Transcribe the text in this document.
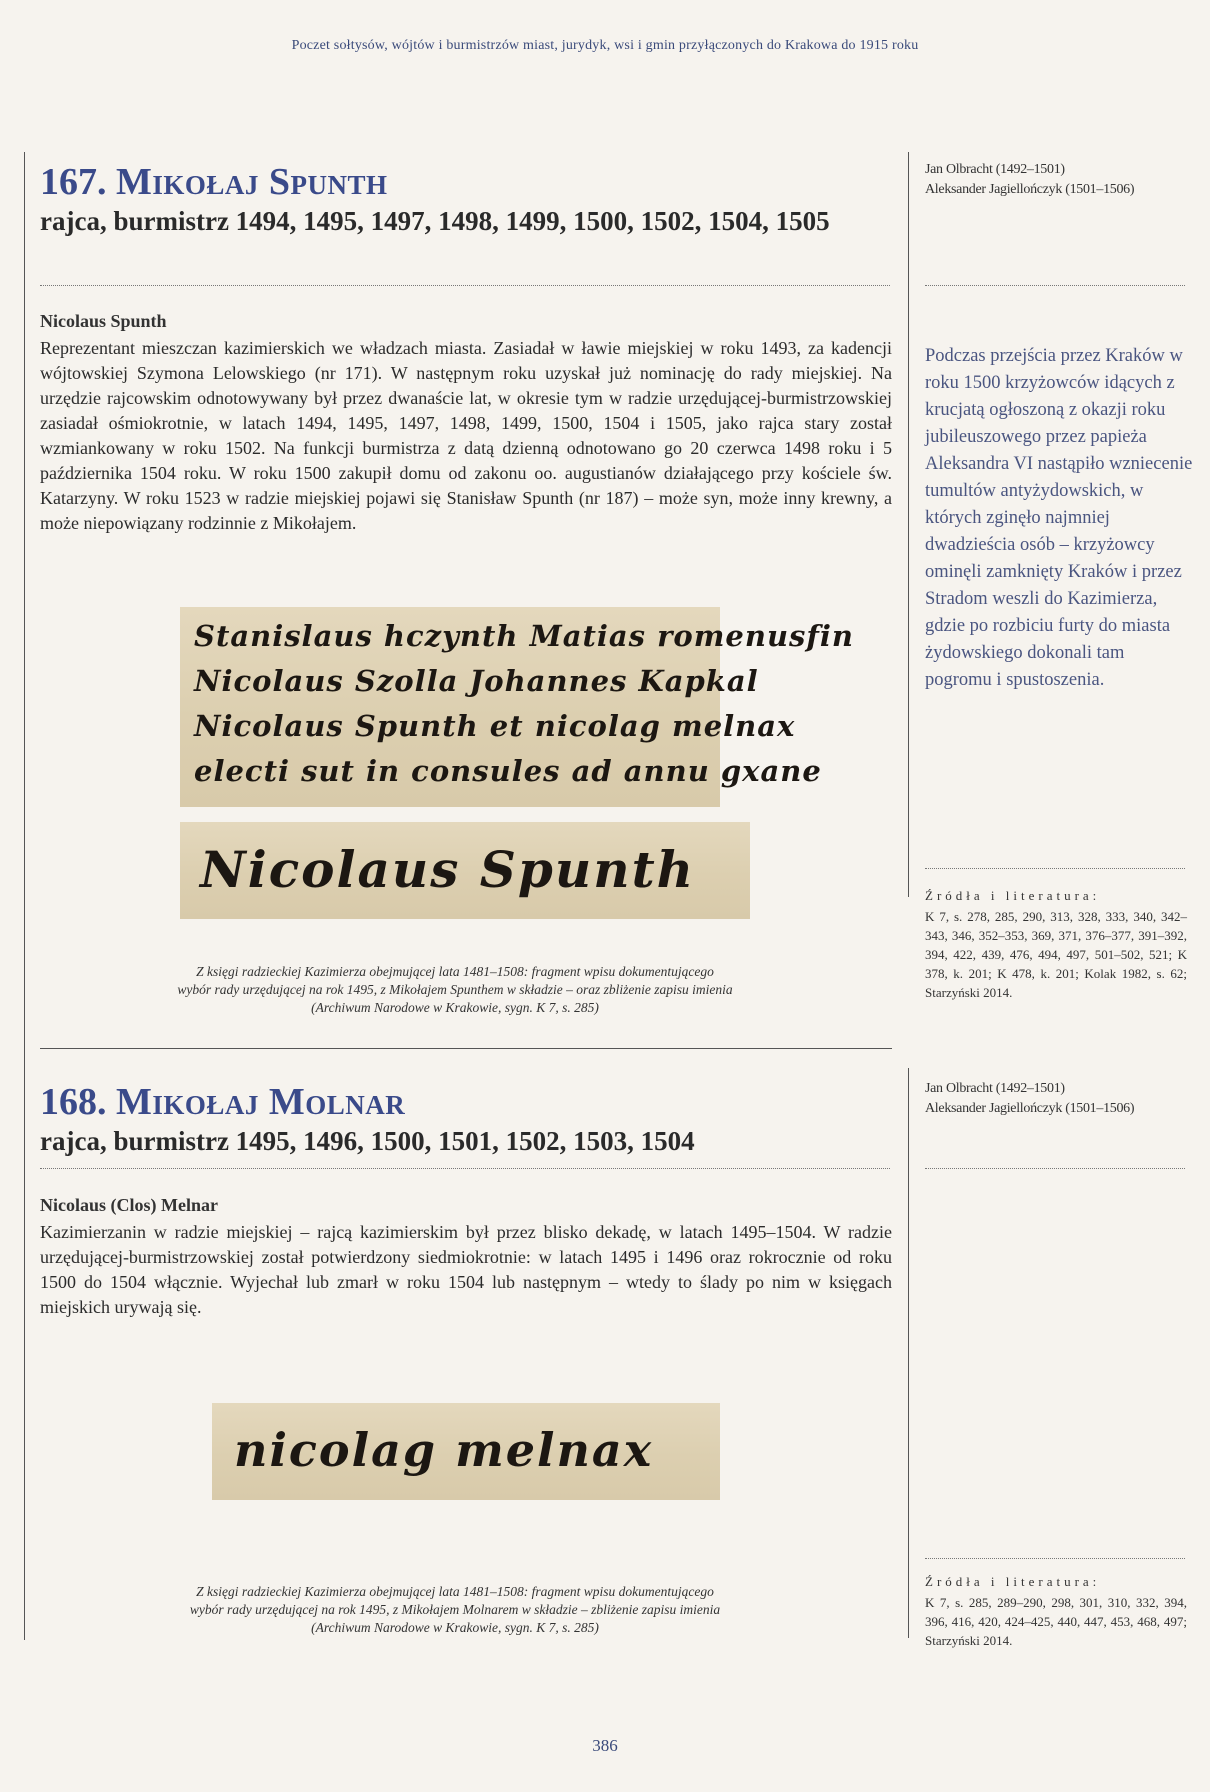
Poczet sołtysów, wójtów i burmistrzów miast, jurydyk, wsi i gmin przyłączonych do Krakowa do 1915 roku
167. Mikołaj Spunth
rajca, burmistrz 1494, 1495, 1497, 1498, 1499, 1500, 1502, 1504, 1505
Nicolaus Spunth

Reprezentant mieszczan kazimierskich we władzach miasta. Zasiadał w ławie miejskiej w roku 1493, za kadencji wójtowskiej Szymona Lelowskiego (nr 171). W następnym roku uzyskał już nominację do rady miejskiej. Na urzędzie rajcowskim odnotowywany był przez dwanaście lat, w okresie tym w radzie urzędującej-burmistrzowskiej zasiadał ośmiokrotnie, w latach 1494, 1495, 1497, 1498, 1499, 1500, 1504 i 1505, jako rajca stary został wzmiankowany w roku 1502. Na funkcji burmistrza z datą dzienną odnotowano go 20 czerwca 1498 roku i 5 października 1504 roku. W roku 1500 zakupił domu od zakonu oo. augustianów działającego przy kościele św. Katarzyny. W roku 1523 w radzie miejskiej pojawi się Stanisław Spunth (nr 187) – może syn, może inny krewny, a może niepowiązany rodzinnie z Mikołajem.

Stanislaus hczynth Matias romenusfin
Nicolaus Szolla Johannes Kapkal
Nicolaus Spunth et nicolag melnax
electi sut in consules ad annu gxane
Nicolaus Spunth
Z księgi radzieckiej Kazimierza obejmującej lata 1481–1508: fragment wpisu dokumentującego
wybór rady urzędującej na rok 1495, z Mikołajem Spunthem w składzie – oraz zbliżenie zapisu imienia
(Archiwum Narodowe w Krakowie, sygn. K 7, s. 285)
Jan Olbracht (1492–1501)
Aleksander Jagiellończyk (1501–1506)
Podczas przejścia przez Kraków w roku 1500 krzyżowców idących z krucjatą ogłoszoną z okazji roku jubileuszowego przez papieża Aleksandra VI nastąpiło wzniecenie tumultów antyżydowskich, w których zginęło najmniej dwadzieścia osób – krzyżowcy ominęli zamknięty Kraków i przez Stradom weszli do Kazimierza, gdzie po rozbiciu furty do miasta żydowskiego dokonali tam pogromu i spustoszenia.
Źródła i literatura:
K 7, s. 278, 285, 290, 313, 328, 333, 340, 342–343, 346, 352–353, 369, 371, 376–377, 391–392, 394, 422, 439, 476, 494, 497, 501–502, 521; K 378, k. 201; K 478, k. 201; Kolak 1982, s. 62; Starzyński 2014.
168. Mikołaj Molnar
rajca, burmistrz 1495, 1496, 1500, 1501, 1502, 1503, 1504
Nicolaus (Clos) Melnar

Kazimierzanin w radzie miejskiej – rajcą kazimierskim był przez blisko dekadę, w latach 1495–1504. W radzie urzędującej-burmistrzowskiej został potwierdzony siedmiokrotnie: w latach 1495 i 1496 oraz rokrocznie od roku 1500 do 1504 włącznie. Wyjechał lub zmarł w roku 1504 lub następnym – wtedy to ślady po nim w księgach miejskich urywają się.

nicolag melnax
Z księgi radzieckiej Kazimierza obejmującej lata 1481–1508: fragment wpisu dokumentującego
wybór rady urzędującej na rok 1495, z Mikołajem Molnarem w składzie – zbliżenie zapisu imienia
(Archiwum Narodowe w Krakowie, sygn. K 7, s. 285)
Jan Olbracht (1492–1501)
Aleksander Jagiellończyk (1501–1506)
Źródła i literatura:
K 7, s. 285, 289–290, 298, 301, 310, 332, 394, 396, 416, 420, 424–425, 440, 447, 453, 468, 497; Starzyński 2014.
386
